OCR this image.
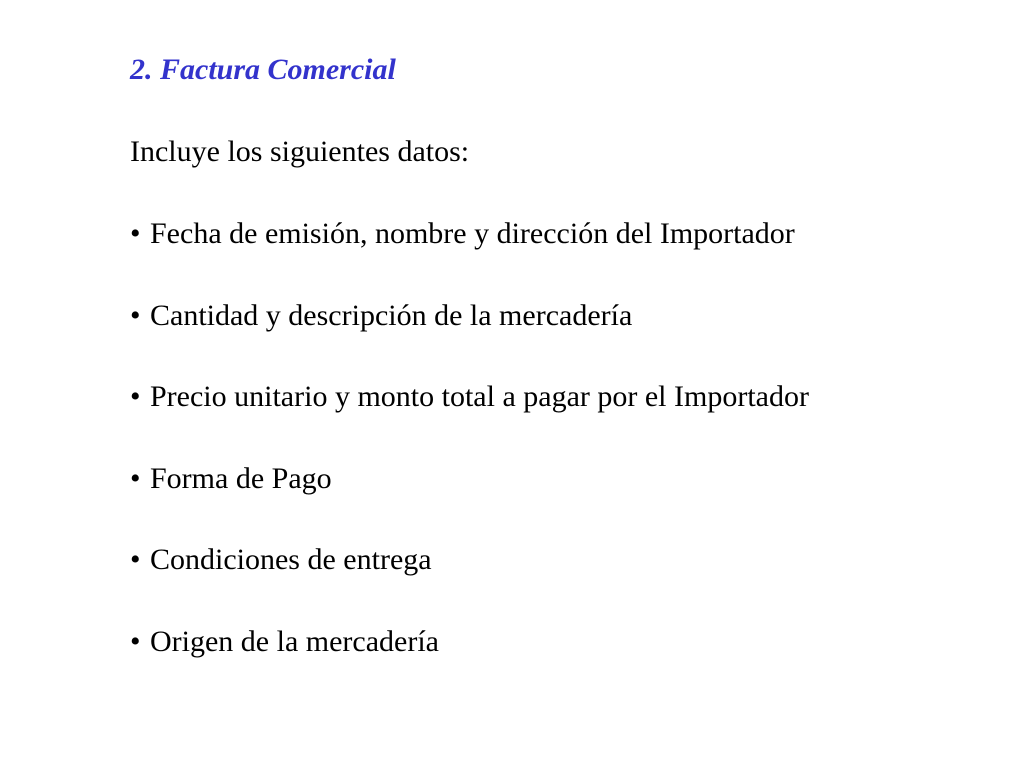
2. Factura Comercial
Incluye los siguientes datos:
• Fecha de emisión, nombre y dirección del Importador
• Cantidad y descripción de la mercadería
• Precio unitario y monto total a pagar por el Importador
• Forma de Pago
• Condiciones de entrega
• Origen de la mercadería
